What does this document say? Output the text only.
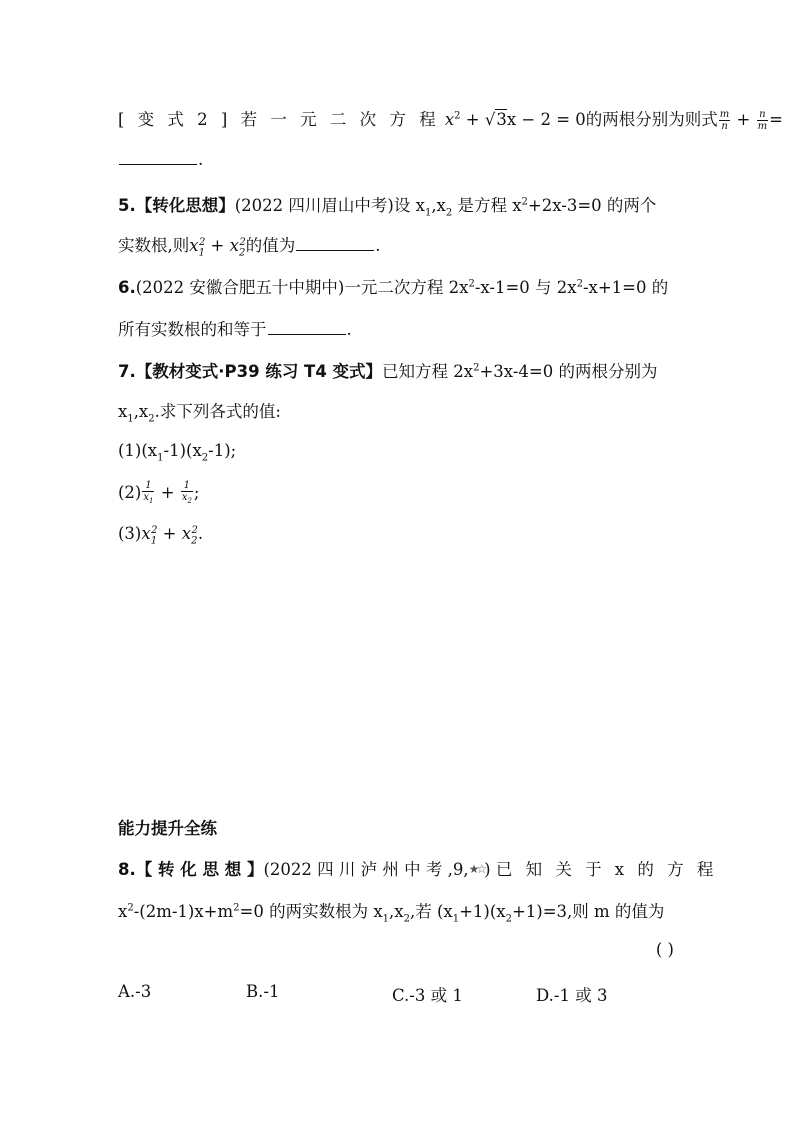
[ 变 式 2 ] 若 一 元 二 次 方 程 $x^2 + √3x - 2 = 0$的两根分别为则式 $\frac{m}{n} + \frac{n}{m}$ =
.
5.【转化思想】(2022 四川眉山中考)设 $x_1,x_2$ 是方程 $x^2+2x-3=0$ 的两个
实数根,则$x_1^2 + x_2^2$的值为	.
6.(2022 安徽合肥五十中期中)一元二次方程 $2x^2-x-1=0$ 与 $2x^2-x+1=0$ 的
所有实数根的和等于	.
7.【教材变式·P39 练习 T4 变式】已知方程 $2x^2+3x-4=0$ 的两根分别为
$x_1,x_2$.求下列各式的值:
$(1)(x_1-1)(x_2-1)$;
$(2) \frac{1}{x_1} + \frac{1}{x_2}$ ;
$(3)x_1^2 + x_2^2$.
能力提升全练
8.【 转 化 思 想 】(2022 四 川 泸 州 中 考 ,9,★☆) 已 知 关 于 x 的 方 程
$x^2-(2m-1)x+m^2=0$ 的两实数根为 $x_1,x_2$,若 $(x_1+1)(x_2+1)=3$,则 m 的值为
( )
A.-3	B.-1	C.-3 或 1	D.-1 或 3
